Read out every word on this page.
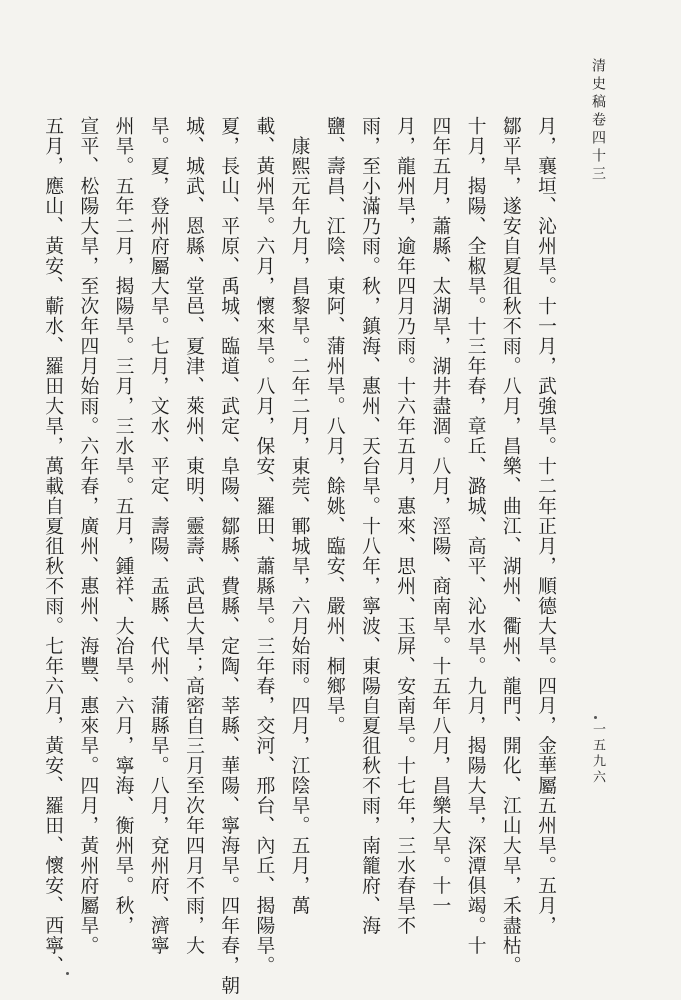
清史稿卷四十三
一五九六
月，襄垣、沁州旱。十一月，武強旱。十二年正月，順德大旱。四月，金華屬五州旱。五月，
鄒平旱，遂安自夏徂秋不雨。八月，昌樂、曲江、湖州、衢州、龍門、開化、江山大旱，禾盡枯。
十月，揭陽、全椒旱。十三年春，章丘、潞城、高平、沁水旱。九月，揭陽大旱，深潭俱竭。十
四年五月，蕭縣、太湖旱，湖井盡涸。八月，涇陽、商南旱。十五年八月，昌樂大旱。十一
月，龍州旱，逾年四月乃雨。十六年五月，惠來、思州、玉屏、安南旱。十七年，三水春旱不
雨，至小滿乃雨。秋，鎮海、惠州、天台旱。十八年，寧波、東陽自夏徂秋不雨，南籠府、海
鹽、壽昌、江陰、東阿、蒲州旱。八月，餘姚、臨安、嚴州、桐鄉旱。
　康熙元年九月，昌黎旱。二年二月，東莞、鄆城旱，六月始雨。四月，江陰旱。五月，萬
載、黃州旱。六月，懷來旱。八月，保安、羅田、蕭縣旱。三年春，交河、邢台、內丘、揭陽旱。
夏，長山、平原、禹城、臨道、武定、阜陽、鄒縣、費縣、定陶、莘縣、華陽、寧海旱。四年春，朝
城、城武、恩縣、堂邑、夏津、萊州、東明、靈壽、武邑大旱；高密自三月至次年四月不雨，大
旱。夏，登州府屬大旱。七月，文水、平定、壽陽、盂縣、代州、蒲縣旱。八月，兗州府、濟寧
州旱。五年二月，揭陽旱。三月，三水旱。五月，鍾祥、大冶旱。六月，寧海、衡州旱。秋，
宣平、松陽大旱，至次年四月始雨。六年春，廣州、惠州、海豐、惠來旱。四月，黃州府屬旱。
五月，應山、黃安、蘄水、羅田大旱，萬載自夏徂秋不雨。七年六月，黃安、羅田、懷安、西寧、
